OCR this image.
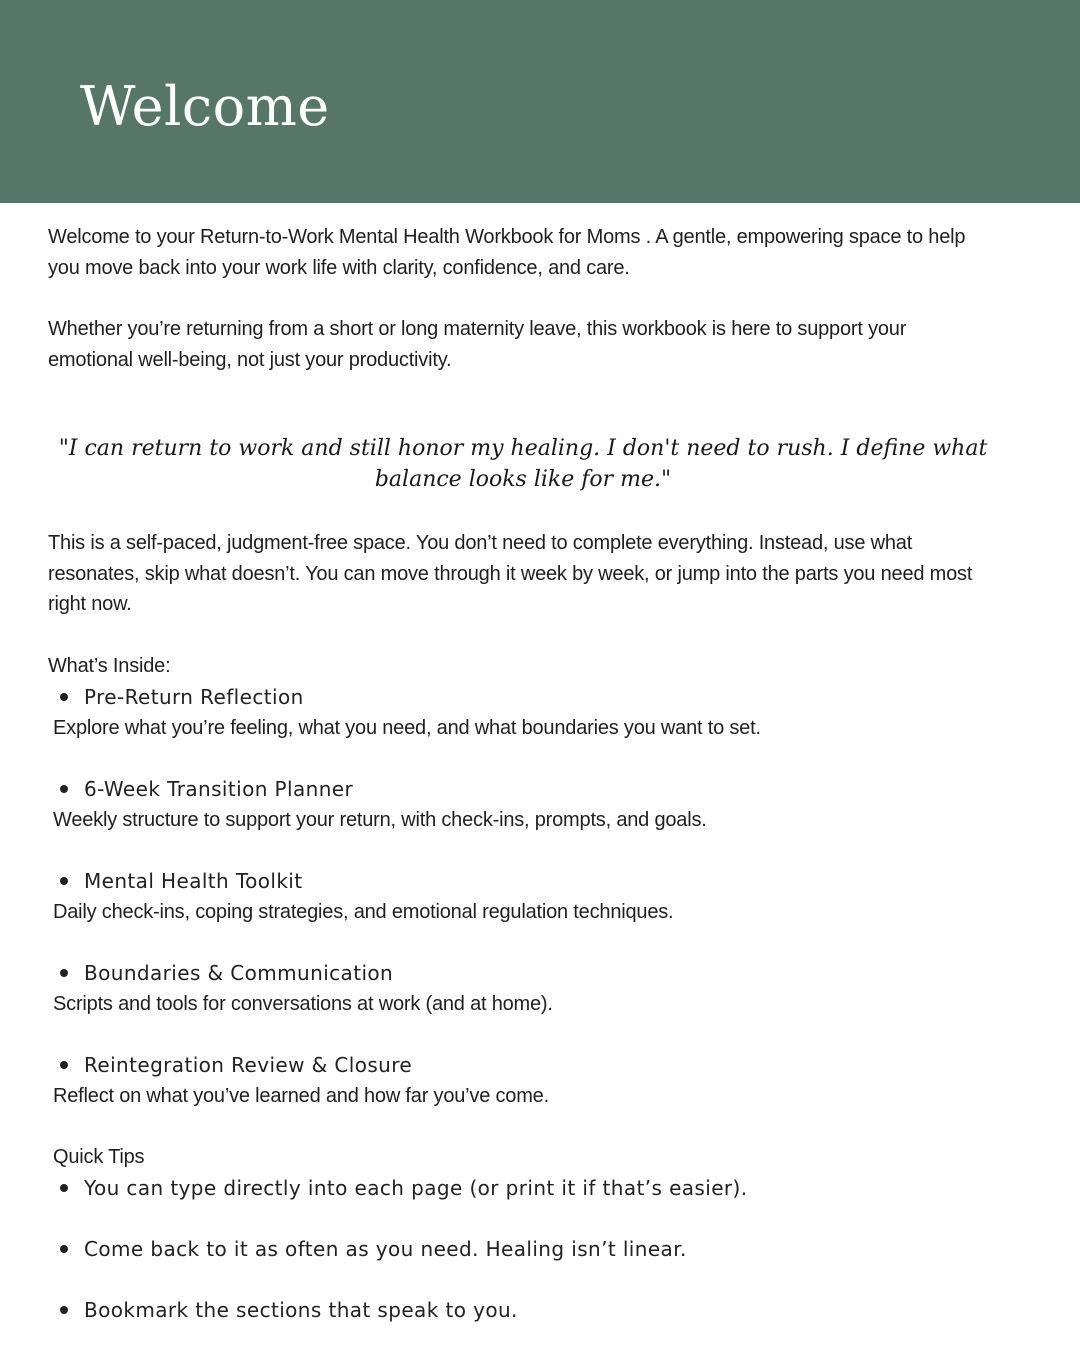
Welcome

Welcome to your Return-to-Work Mental Health Workbook for Moms . A gentle, empowering space to help you move back into your work life with clarity, confidence, and care.

Whether you’re returning from a short or long maternity leave, this workbook is here to support your emotional well-being, not just your productivity.

"I can return to work and still honor my healing. I don't need to rush. I define what balance looks like for me."

This is a self-paced, judgment-free space. You don’t need to complete everything. Instead, use what resonates, skip what doesn’t. You can move through it week by week, or jump into the parts you need most right now.

What’s Inside:

Pre-Return Reflection

Explore what you’re feeling, what you need, and what boundaries you want to set.

6-Week Transition Planner

Weekly structure to support your return, with check-ins, prompts, and goals.

Mental Health Toolkit

Daily check-ins, coping strategies, and emotional regulation techniques.

Boundaries & Communication

Scripts and tools for conversations at work (and at home).

Reintegration Review & Closure

Reflect on what you’ve learned and how far you’ve come.

Quick Tips

You can type directly into each page (or print it if that’s easier).

Come back to it as often as you need. Healing isn’t linear.

Bookmark the sections that speak to you.
